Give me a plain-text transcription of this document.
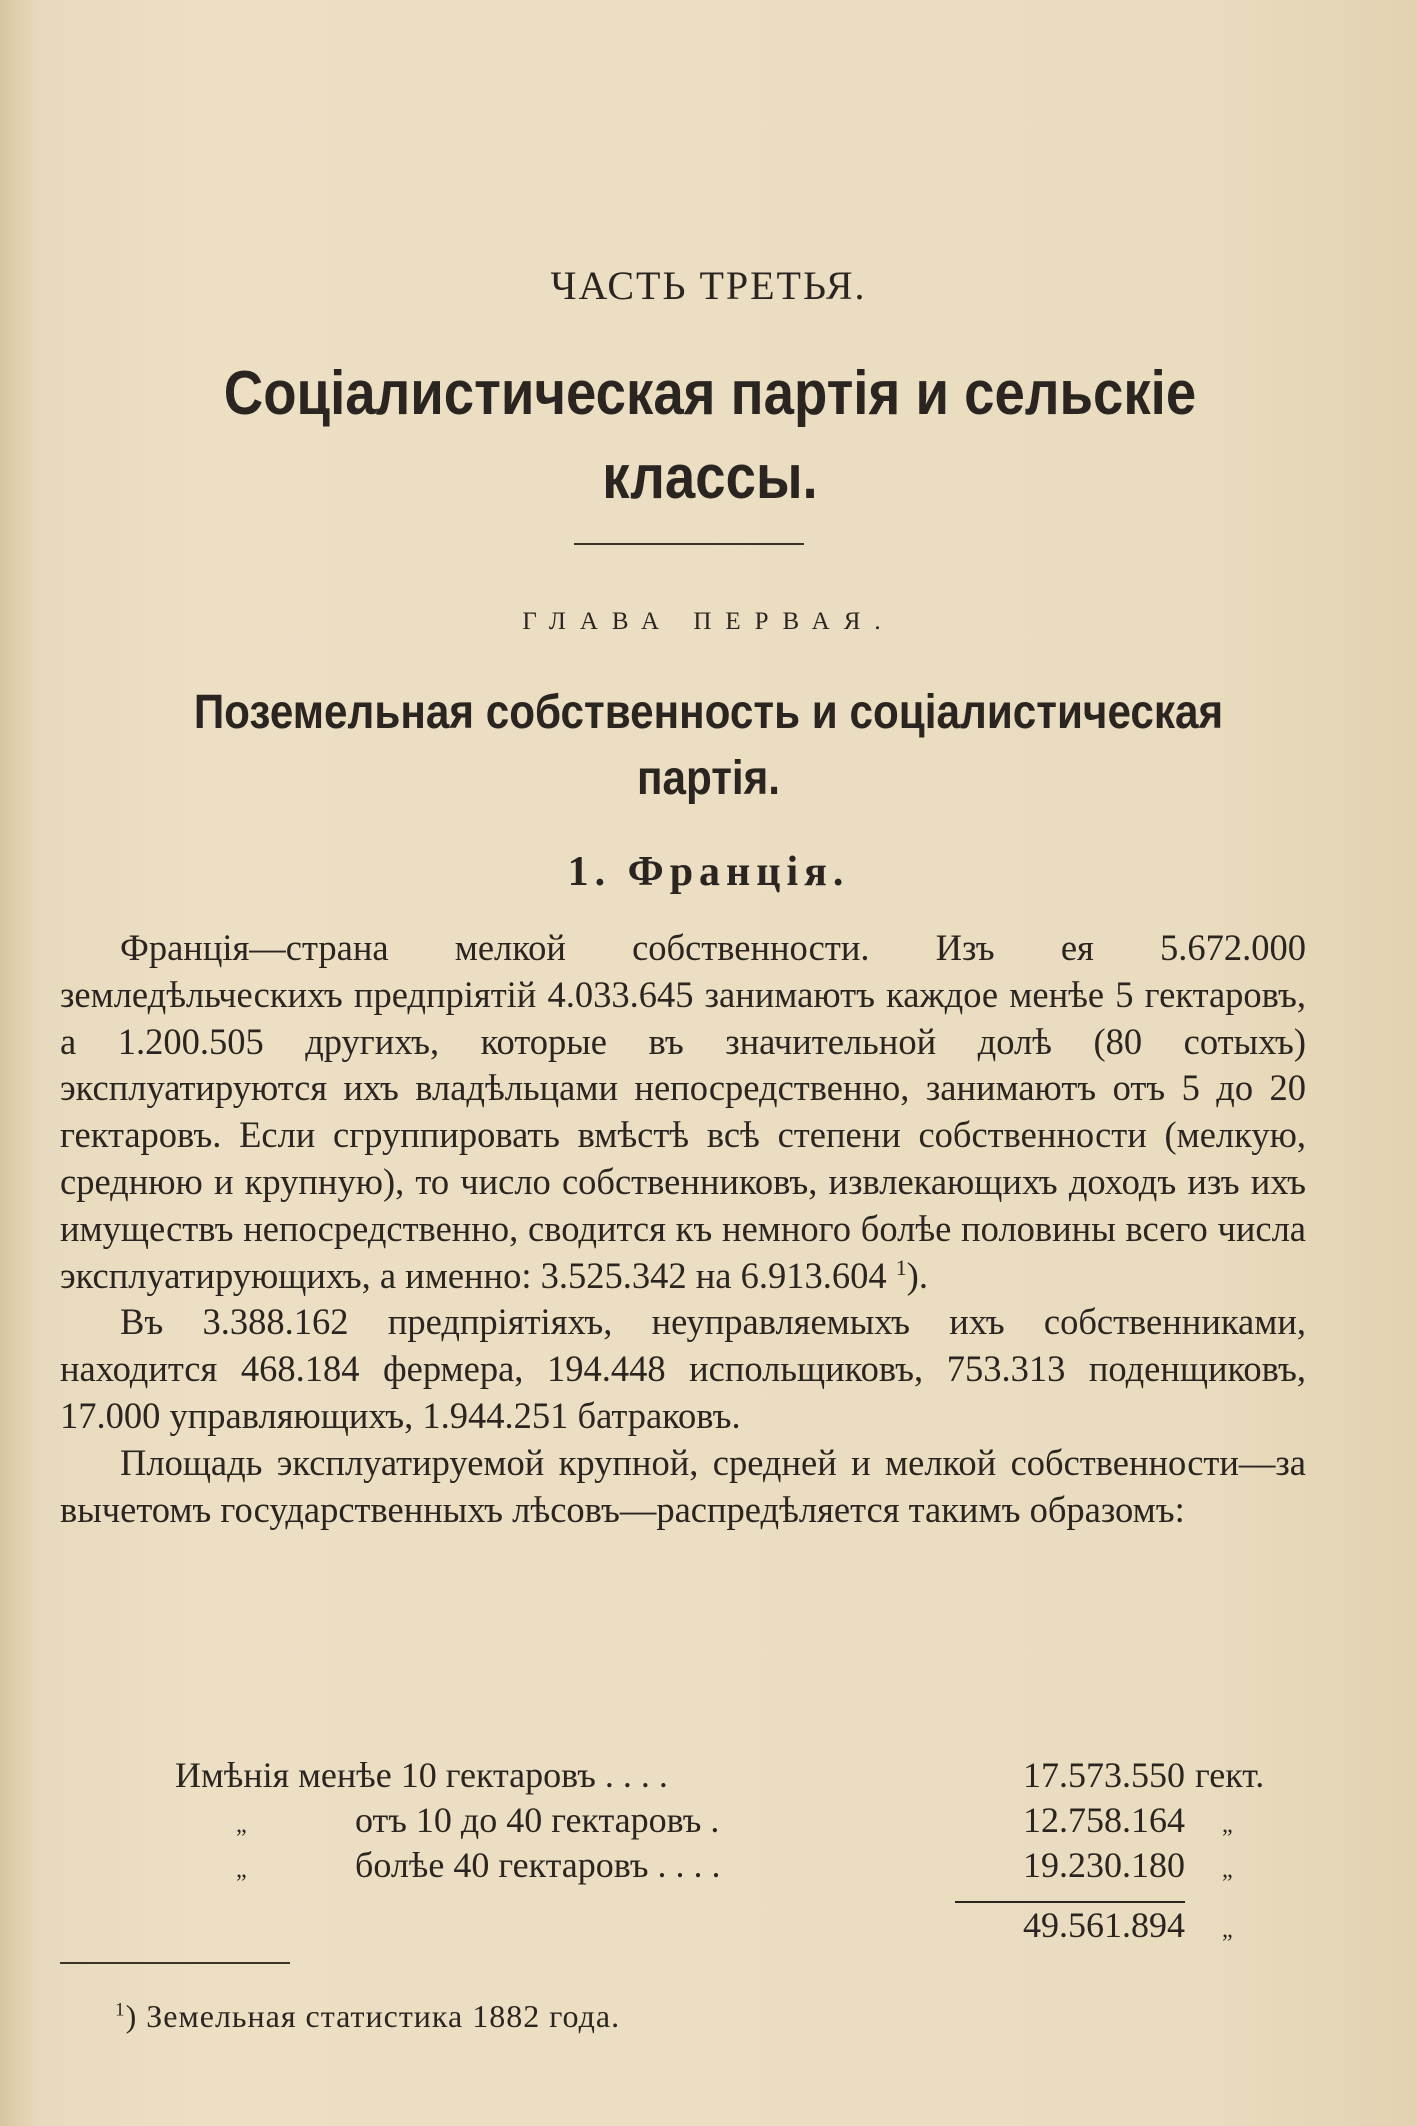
ЧАСТЬ ТРЕТЬЯ.
Соціалистическая партія и сельскіе
классы.
ГЛАВА ПЕРВАЯ.
Поземельная собственность и соціалистическая
партія.
1. Франція.

Франція—страна мелкой собственности. Изъ ея 5.672.000 земледѣльческихъ предпріятій 4.033.645 занимаютъ каждое менѣе 5 гектаровъ, а 1.200.505 другихъ, которые въ значительной долѣ (80 сотыхъ) эксплуатируются ихъ владѣльцами непосредственно, занимаютъ отъ 5 до 20 гектаровъ. Если сгруппировать вмѣстѣ всѣ степени собственности (мелкую, среднюю и крупную), то число собственниковъ, извлекающихъ доходъ изъ ихъ имуществъ непосредственно, сводится къ немного болѣе половины всего числа эксплуатирующихъ, а именно: 3.525.342 на 6.913.604 $^1$).

Въ 3.388.162 предпріятіяхъ, неуправляемыхъ ихъ собственниками, находится 468.184 фермера, 194.448 испольщиковъ, 753.313 поденщиковъ, 17.000 управляющихъ, 1.944.251 батраковъ.

Площадь эксплуатируемой крупной, средней и мелкой собственности—за вычетомъ государственныхъ лѣсовъ—распредѣляется такимъ образомъ:

Имѣнія менѣе 10 гектаровъ . . . .	17.573.550 гект.
„	отъ 10 до 40 гектаровъ .	12.758.164 „
„	болѣе 40 гектаровъ . . . .	19.230.180 „
49.561.894 „
$^1$) Земельная статистика 1882 года.
